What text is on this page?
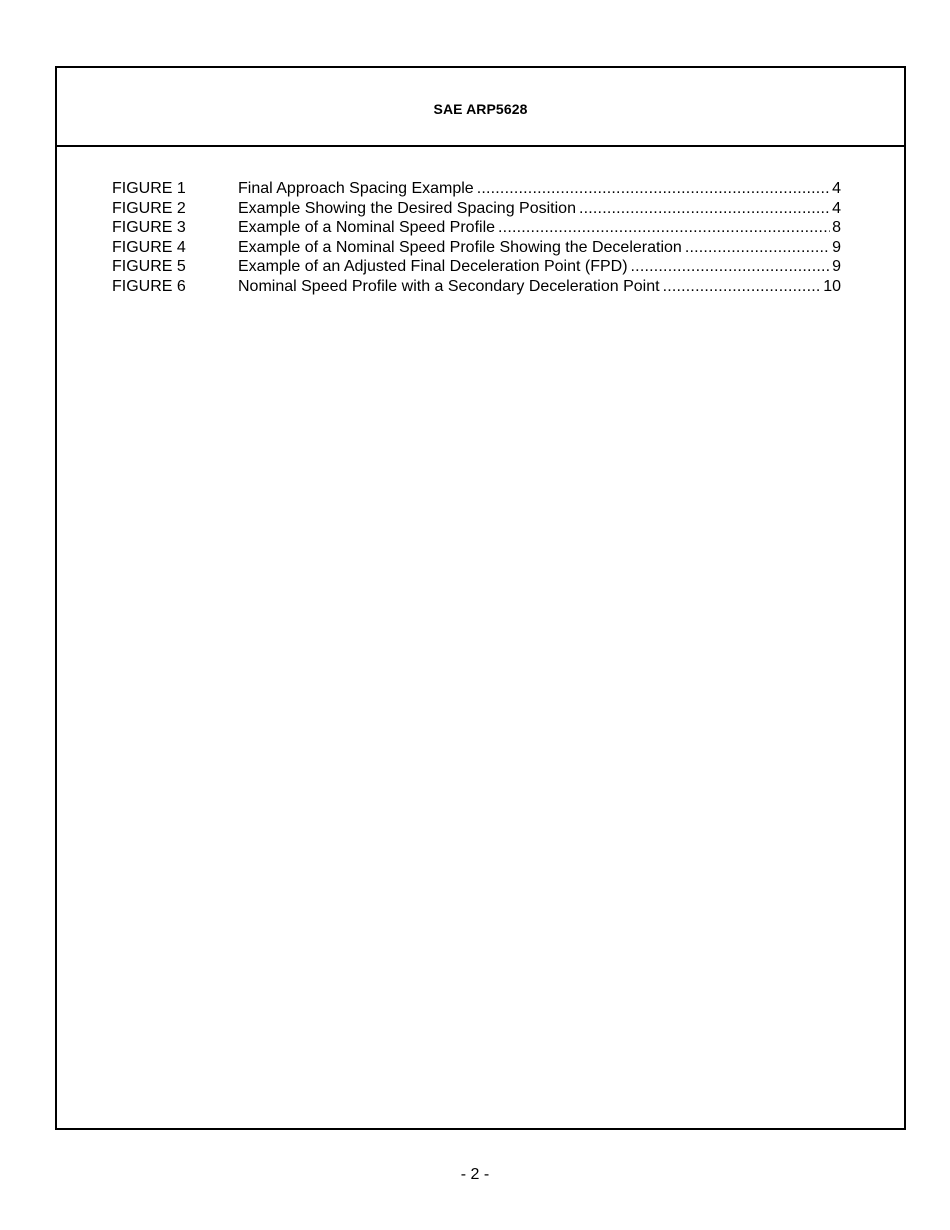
SAE ARP5628
FIGURE 1	Final Approach Spacing Example .....	4
FIGURE 2	Example Showing the Desired Spacing Position .....	4
FIGURE 3	Example of a Nominal Speed Profile .....	8
FIGURE 4	Example of a Nominal Speed Profile Showing the Deceleration .....	9
FIGURE 5	Example of an Adjusted Final Deceleration Point (FPD) .....	9
FIGURE 6	Nominal Speed Profile with a Secondary Deceleration Point .....	10
- 2 -
